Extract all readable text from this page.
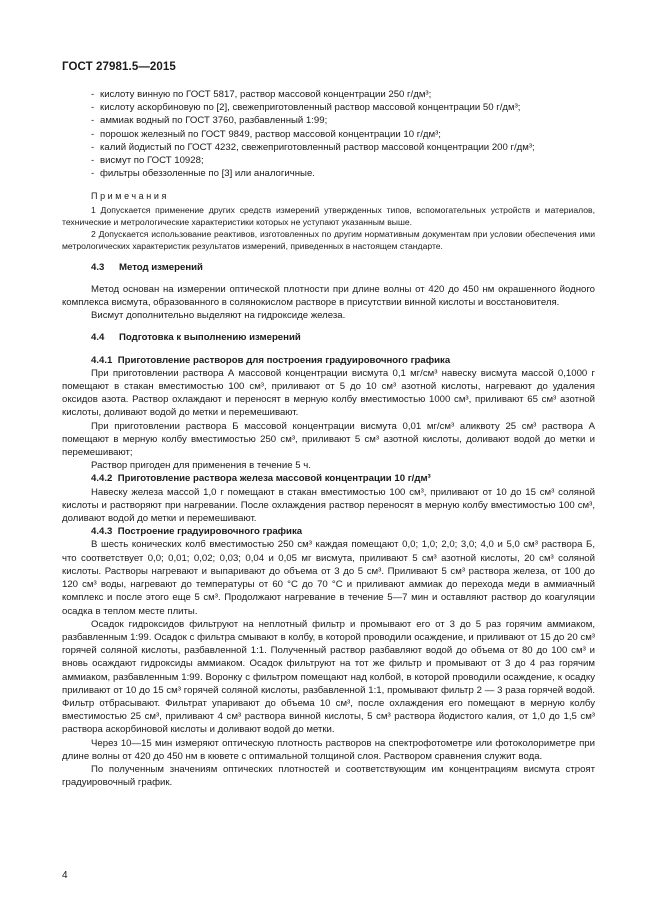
ГОСТ 27981.5—2015
- кислоту винную по ГОСТ 5817, раствор массовой концентрации 250 г/дм³;
- кислоту аскорбиновую по [2], свежеприготовленный раствор массовой концентрации 50 г/дм³;
- аммиак водный по ГОСТ 3760, разбавленный 1:99;
- порошок железный по ГОСТ 9849, раствор массовой концентрации 10 г/дм³;
- калий йодистый по ГОСТ 4232, свежеприготовленный раствор массовой концентрации 200 г/дм³;
- висмут по ГОСТ 10928;
- фильтры обеззоленные по [3] или аналогичные.
Примечания

1 Допускается применение других средств измерений утвержденных типов, вспомогательных устройств и материалов, технические и метрологические характеристики которых не уступают указанным выше.

2 Допускается использование реактивов, изготовленных по другим нормативным документам при условии обеспечения ими метрологических характеристик результатов измерений, приведенных в настоящем стандарте.

4.3 Метод измерений

Метод основан на измерении оптической плотности при длине волны от 420 до 450 нм окрашенного йодного комплекса висмута, образованного в солянокислом растворе в присутствии винной кислоты и восстановителя.

Висмут дополнительно выделяют на гидроксиде железа.

4.4 Подготовка к выполнению измерений
4.4.1 Приготовление растворов для построения градуировочного графика

При приготовлении раствора А массовой концентрации висмута 0,1 мг/см³ навеску висмута массой 0,1000 г помещают в стакан вместимостью 100 см³, приливают от 5 до 10 см³ азотной кислоты, нагревают до удаления оксидов азота. Раствор охлаждают и переносят в мерную колбу вместимостью 1000 см³, приливают 65 см³ азотной кислоты, доливают водой до метки и перемешивают.

При приготовлении раствора Б массовой концентрации висмута 0,01 мг/см³ аликвоту 25 см³ раствора А помещают в мерную колбу вместимостью 250 см³, приливают 5 см³ азотной кислоты, доливают водой до метки и перемешивают;

Раствор пригоден для применения в течение 5 ч.

4.4.2 Приготовление раствора железа массовой концентрации 10 г/дм³

Навеску железа массой 1,0 г помещают в стакан вместимостью 100 см³, приливают от 10 до 15 см³ соляной кислоты и растворяют при нагревании. После охлаждения раствор переносят в мерную колбу вместимостью 100 см³, доливают водой до метки и перемешивают.

4.4.3 Построение градуировочного графика

В шесть конических колб вместимостью 250 см³ каждая помещают 0,0; 1,0; 2,0; 3,0; 4,0 и 5,0 см³ раствора Б, что соответствует 0,0; 0,01; 0,02; 0,03; 0,04 и 0,05 мг висмута, приливают 5 см³ азотной кислоты, 20 см³ соляной кислоты. Растворы нагревают и выпаривают до объема от 3 до 5 см³. Приливают 5 см³ раствора железа, от 100 до 120 см³ воды, нагревают до температуры от 60 °С до 70 °С и приливают аммиак до перехода меди в аммиачный комплекс и после этого еще 5 см³. Продолжают нагревание в течение 5—7 мин и оставляют раствор до коагуляции осадка в теплом месте плиты.

Осадок гидроксидов фильтруют на неплотный фильтр и промывают его от 3 до 5 раз горячим аммиаком, разбавленным 1:99. Осадок с фильтра смывают в колбу, в которой проводили осаждение, и приливают от 15 до 20 см³ горячей соляной кислоты, разбавленной 1:1. Полученный раствор разбавляют водой до объема от 80 до 100 см³ и вновь осаждают гидроксиды аммиаком. Осадок фильтруют на тот же фильтр и промывают от 3 до 4 раз горячим аммиаком, разбавленным 1:99. Воронку с фильтром помещают над колбой, в которой проводили осаждение, к осадку приливают от 10 до 15 см³ горячей соляной кислоты, разбавленной 1:1, промывают фильтр 2 — 3 раза горячей водой. Фильтр отбрасывают. Фильтрат упаривают до объема 10 см³, после охлаждения его помещают в мерную колбу вместимостью 25 см³, приливают 4 см³ раствора винной кислоты, 5 см³ раствора йодистого калия, от 1,0 до 1,5 см³ раствора аскорбиновой кислоты и доливают водой до метки.

Через 10—15 мин измеряют оптическую плотность растворов на спектрофотометре или фотоколориметре при длине волны от 420 до 450 нм в кювете с оптимальной толщиной слоя. Раствором сравнения служит вода.

По полученным значениям оптических плотностей и соответствующим им концентрациям висмута строят градуировочный график.

4
